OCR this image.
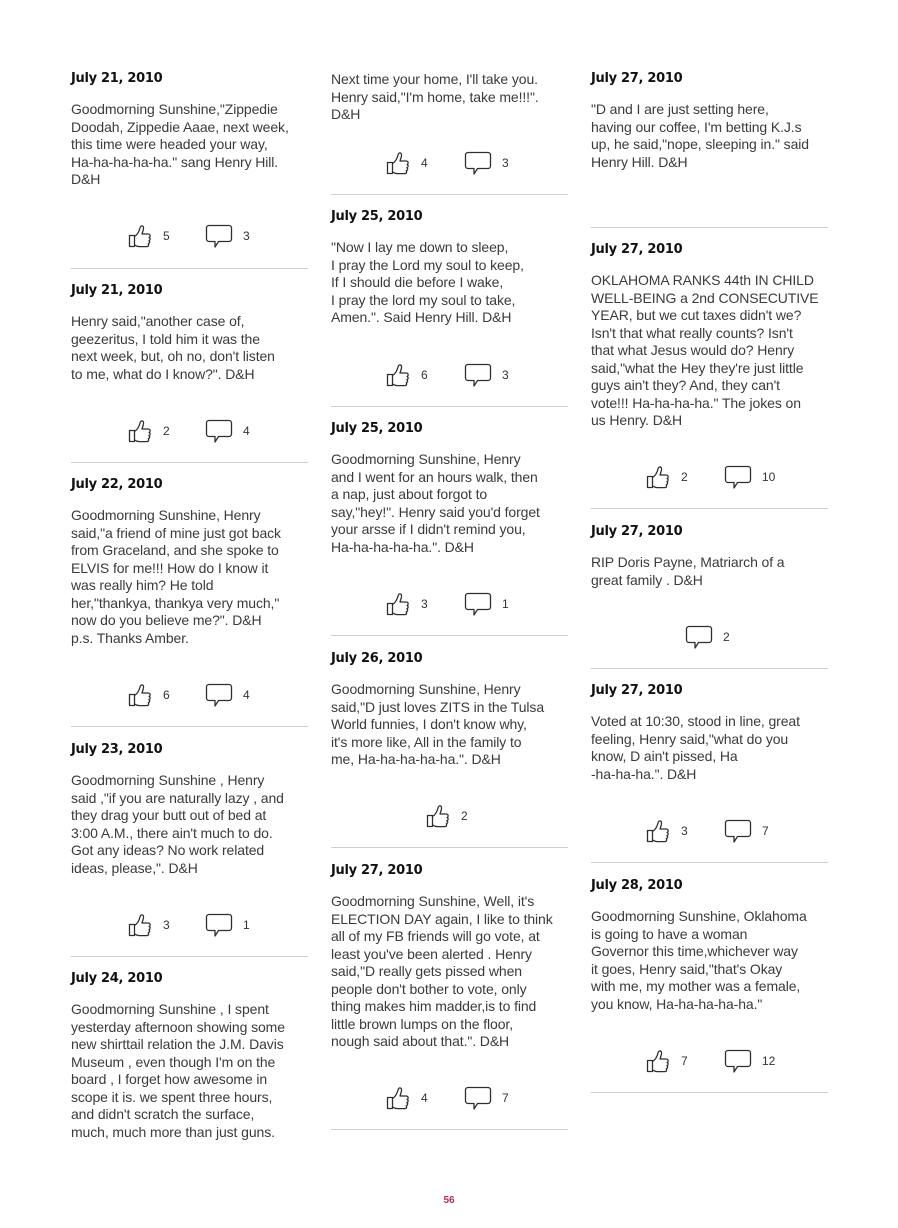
July 21, 2010
Goodmorning Sunshine,"Zippedie
Doodah, Zippedie Aaae, next week,
this time were headed your way,
Ha-ha-ha-ha-ha." sang Henry Hill.
D&H
5	3
July 21, 2010
Henry said,"another case of,
geezeritus, I told him it was the
next week, but, oh no, don't listen
to me, what do I know?". D&H
2	4
July 22, 2010
Goodmorning Sunshine, Henry
said,"a friend of mine just got back
from Graceland, and she spoke to
ELVIS for me!!! How do I know it
was really him? He told
her,"thankya, thankya very much,"
now do you believe me?". D&H
p.s. Thanks Amber.
6	4
July 23, 2010
Goodmorning Sunshine , Henry
said ,"if you are naturally lazy , and
they drag your butt out of bed at
3:00 A.M., there ain't much to do.
Got any ideas? No work related
ideas, please,". D&H
3	1
July 24, 2010
Goodmorning Sunshine , I spent
yesterday afternoon showing some
new shirttail relation the J.M. Davis
Museum , even though I'm on the
board , I forget how awesome in
scope it is. we spent three hours,
and didn't scratch the surface,
much, much more than just guns.
Next time your home, I'll take you.
Henry said,"I'm home, take me!!!".
D&H
4	3
July 25, 2010
"Now I lay me down to sleep,
I pray the Lord my soul to keep,
If I should die before I wake,
I pray the lord my soul to take,
Amen.". Said Henry Hill. D&H
6	3
July 25, 2010
Goodmorning Sunshine, Henry
and I went for an hours walk, then
a nap, just about forgot to
say,"hey!". Henry said you'd forget
your arsse if I didn't remind you,
Ha-ha-ha-ha-ha.". D&H
3	1
July 26, 2010
Goodmorning Sunshine, Henry
said,"D just loves ZITS in the Tulsa
World funnies, I don't know why,
it's more like, All in the family to
me, Ha-ha-ha-ha-ha.". D&H
2
July 27, 2010
Goodmorning Sunshine, Well, it's
ELECTION DAY again, I like to think
all of my FB friends will go vote, at
least you've been alerted . Henry
said,"D really gets pissed when
people don't bother to vote, only
thing makes him madder,is to find
little brown lumps on the floor,
nough said about that.". D&H
4	7
July 27, 2010
"D and I are just setting here,
having our coffee, I'm betting K.J.s
up, he said,"nope, sleeping in." said
Henry Hill. D&H
July 27, 2010
OKLAHOMA RANKS 44th IN CHILD
WELL-BEING a 2nd CONSECUTIVE
YEAR, but we cut taxes didn't we?
Isn't that what really counts? Isn't
that what Jesus would do? Henry
said,"what the Hey they're just little
guys ain't they? And, they can't
vote!!! Ha-ha-ha-ha." The jokes on
us Henry. D&H
2	10
July 27, 2010
RIP Doris Payne, Matriarch of a
great family . D&H
2
July 27, 2010
Voted at 10:30, stood in line, great
feeling, Henry said,"what do you
know, D ain't pissed, Ha
-ha-ha-ha.". D&H
3	7
July 28, 2010
Goodmorning Sunshine, Oklahoma
is going to have a woman
Governor this time,whichever way
it goes, Henry said,"that's Okay
with me, my mother was a female,
you know, Ha-ha-ha-ha-ha."
7	12
56
